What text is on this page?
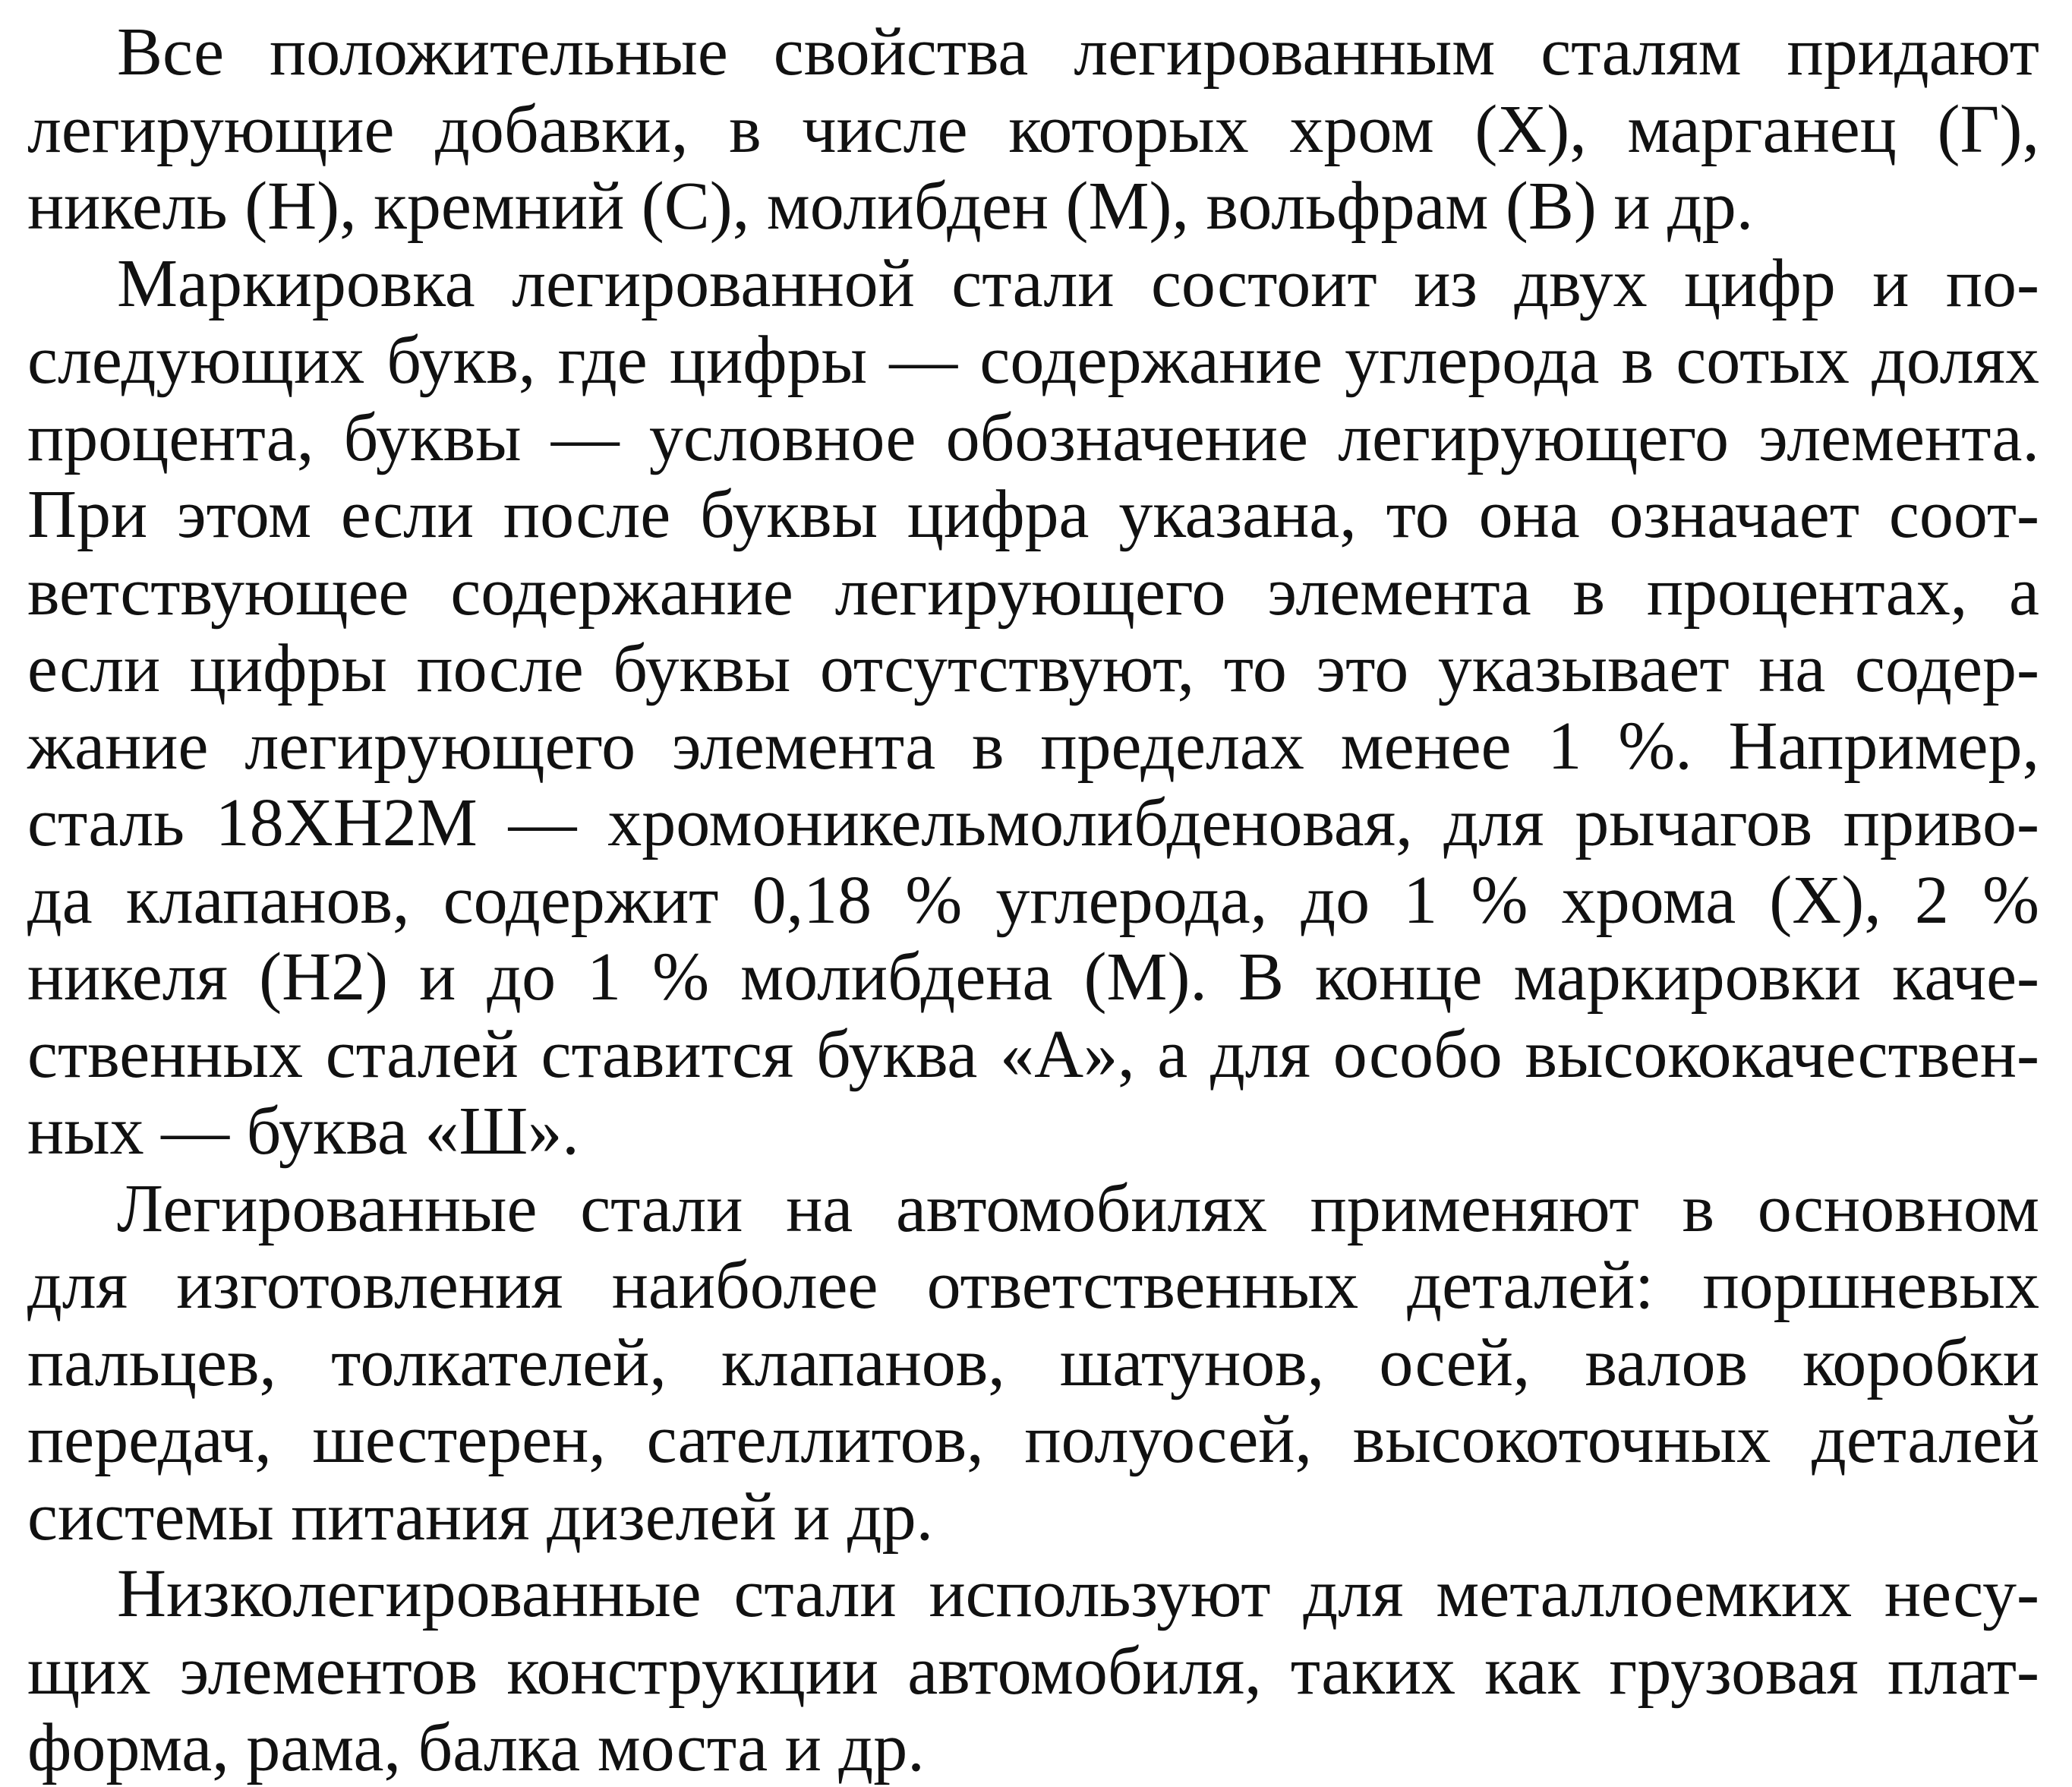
Все положительные свойства легированным сталям придают
легирующие добавки, в числе которых хром (X), марганец (Г),
никель (Н), кремний (С), молибден (М), вольфрам (В) и др.
Маркировка легированной стали состоит из двух цифр и по-
следующих букв, где цифры — содержание углерода в сотых долях
процента, буквы — условное обозначение легирующего элемента.
При этом если после буквы цифра указана, то она означает соот-
ветствующее содержание легирующего элемента в процентах, а
если цифры после буквы отсутствуют, то это указывает на содер-
жание легирующего элемента в пределах менее 1 %. Например,
сталь 18ХН2М — хромоникельмолибденовая, для рычагов приво-
да клапанов, содержит 0,18 % углерода, до 1 % хрома (X), 2 %
никеля (Н2) и до 1 % молибдена (М). В конце маркировки каче-
ственных сталей ставится буква «А», а для особо высококачествен-
ных — буква «Ш».
Легированные стали на автомобилях применяют в основном
для изготовления наиболее ответственных деталей: поршневых
пальцев, толкателей, клапанов, шатунов, осей, валов коробки
передач, шестерен, сателлитов, полуосей, высокоточных деталей
системы питания дизелей и др.
Низколегированные стали используют для металлоемких несу-
щих элементов конструкции автомобиля, таких как грузовая плат-
форма, рама, балка моста и др.
